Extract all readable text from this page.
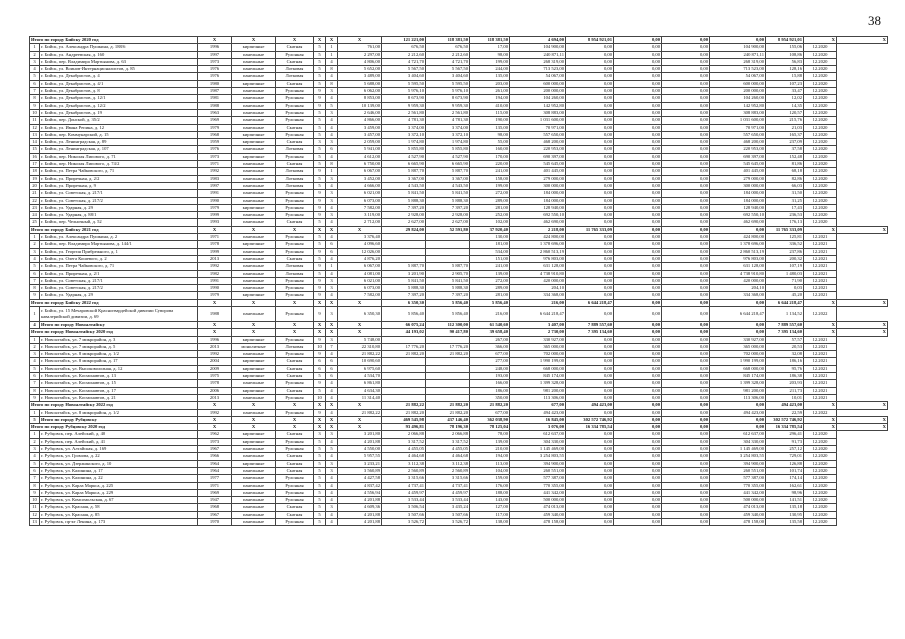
38
Итого по городу Бийску 2020 год		Х	Х	Х	Х	Х	Х	121 221,00	118 381,50	118 381,50	4 694,00	8 954 921,01	0,00	0,00	0,00	8 954 921,01	Х	Х
1	г. Бийск, ул. Александра Пушкина, д. 188/6	1996	кирпичные	Скатная	5	1	761,00	676,50	676,50	17,00	104 900,00	0,00	0,00	0,00	104 900,00	155,06	12.2020	
2	г. Бийск, ул. Андреевская, д. 160	1997	панельные	Рулонная	5	1	2 297,00	2 212,60	2 212,60	98,00	240 871,11	0,00	0,00	0,00	240 871,11	108,86	12.2020	
3	г. Бийск, пер. Владимира Мартьянова, д. 63	1973	панельные	Скатная	5	4	4 806,00	4 721,70	4 721,70	199,00	268 319,00	0,00	0,00	0,00	268 319,00	56,83	12.2020	
4	г. Бийск, ул. Воинов-Интернационалистов, д. 85	1976	панельные	Лотковая	5	8	5 652,00	5 567,50	5 567,50	244,00	713 523,00	0,00	0,00	0,00	713 523,00	128,16	12.2020	
5	г. Бийск, ул. Декабристов, д. 4	1976	панельные	Лотковая	5	4	3 489,00	3 404,60	3 404,60	135,00	54 067,00	0,00	0,00	0,00	54 067,00	15,88	12.2020	
6	г. Бийск, ул. Декабристов, д. 4/1	1980	кирпичные	Скатная	5	8	5 688,00	5 595,50	5 595,50	203,00	600 000,00	0,00	0,00	0,00	600 000,00	107,23	12.2020	
7	г. Бийск, ул. Декабристов, д. 8	1987	панельные	Рулонная	9	3	6 062,00	5 976,10	5 976,10	261,00	200 000,00	0,00	0,00	0,00	200 000,00	33,47	12.2020	
8	г. Бийск, ул. Декабристов, д. 12/1	1981	панельные	Рулонная	9	4	8 853,00	8 673,90	8 673,90	194,00	104 260,00	0,00	0,00	0,00	104 260,00	12,02	12.2020	
9	г. Бийск, ул. Декабристов, д. 12/2	1988	панельные	Рулонная	9	5	10 139,00	9 959,30	9 959,30	410,00	142 952,80	0,00	0,00	0,00	142 952,80	14,35	12.2020	
10	г. Бийск, ул. Декабристов, д. 19	1963	панельные	Рулонная	5	3	2 646,00	2 561,80	2 561,80	115,00	308 883,00	0,00	0,00	0,00	308 883,00	120,57	12.2020	
11	г. Бийск, пер. Донской, д. 35/2	1969	панельные	Рулонная	5	4	4 866,00	4 781,30	4 781,30	190,00	1 031 600,00	0,00	0,00	0,00	1 031 600,00	215,76	12.2020	
12	г. Бийск, ул. Ивана Репина, д. 12	1979	панельные	Скатная	5	4	3 459,00	3 374,00	3 374,00	135,00	70 971,00	0,00	0,00	0,00	70 971,00	21,03	12.2020	
13	г. Бийск, пер. Коммунарский, д. 15	1968	кирпичные	Рулонная	5	4	3 457,00	3 372,10	3 372,10	98,00	557 650,00	0,00	0,00	0,00	557 650,00	165,37	12.2020	
14	г. Бийск, ул. Ленинградская, д. 89	1959	кирпичные	Скатная	3	3	2 059,00	1 974,80	1 974,80	55,00	468 200,00	0,00	0,00	0,00	468 200,00	237,09	12.2020	
15	г. Бийск, ул. Ленинградская, д. 107	1976	панельные	Лотковая	5	6	5 941,00	5 855,80	5 855,80	160,00	220 953,00	0,00	0,00	0,00	220 953,00	37,58	12.2020	
16	г. Бийск, пер. Николая Липового, д. 71	1973	кирпичные	Рулонная	5	4	4 612,00	4 527,90	4 527,90	170,00	690 397,00	0,00	0,00	0,00	690 397,00	152,48	12.2020	
17	г. Бийск, пер. Николая Липового, д. 74/2	1971	панельные	Скатная	5	8	6 750,00	6 665,90	6 665,90	220,00	545 645,00	0,00	0,00	0,00	545 645,00	81,86	12.2020	
18	г. Бийск, ул. Петра Чайковского, д. 71	1992	панельные	Лотковая	9	1	6 067,00	5 887,70	5 887,70	241,00	401 445,00	0,00	0,00	0,00	401 445,00	68,18	12.2020	
19	г. Бийск, ул. Приречная, д. 2/2	1983	панельные	Лотковая	5	3	3 452,00	3 367,00	3 367,00	158,00	279 000,00	0,00	0,00	0,00	279 000,00	82,86	12.2020	
20	г. Бийск, ул. Приречная, д. 9	1997	панельные	Лотковая	5	4	4 666,00	4 543,50	4 543,50	199,00	300 000,00	0,00	0,00	0,00	300 000,00	66,03	12.2020	
21	г. Бийск, ул. Советская, д. 217/1	1991	панельные	Рулонная	9	3	6 021,00	5 841,50	5 841,50	272,00	184 000,00	0,00	0,00	0,00	184 000,00	31,50	12.2020	
22	г. Бийск, ул. Советская, д. 217/2	1990	панельные	Рулонная	9	3	6 073,00	5 888,30	5 888,30	289,00	184 000,00	0,00	0,00	0,00	184 000,00	31,25	12.2020	
23	г. Бийск, ул. Ударная, д. 29	1979	кирпичные	Рулонная	9	4	7 582,00	7 397,20	7 397,20	281,00	128 940,00	0,00	0,00	0,00	128 940,00	17,43	12.2020	
24	г. Бийск, ул. Ударная, д. 88/1	1999	панельные	Рулонная	9	3	3 119,00	2 928,00	2 928,00	252,00	692 550,10	0,00	0,00	0,00	692 550,10	236,53	12.2020	
25	г. Бийск, пер. Челночный, д. 52	1993	панельные	Скатная	5	4	2 712,00	2 627,00	2 627,00	102,00	462 690,00	0,00	0,00	0,00	462 690,00	176,13	12.2020	
Итого по городу Бийску 2021 год		Х	Х	Х	Х	Х	Х	29 824,00	52 591,80	37 920,40	2 218,00	11 765 333,09	0,00	0,00	0,00	11 765 333,09	Х	Х
1	г. Бийск, ул. Александра Пушкина, д. 2	1971	панельные	Рулонная	5	4	3 376,40			130,00	424 800,00	0,00	0,00	0,00	424 800,00	125,81	12.2021	
2	г. Бийск, пер. Владимира Мартьянова, д. 144/1	1978	кирпичные	Рулонная	5	6	4 096,60			181,00	1 378 696,00	0,00	0,00	0,00	1 378 696,00	336,52	12.2021	
3	г. Бийск, ул. Георгия Прибрежного, д. 1	1999	панельные	Рулонная	9	6	12 026,00			534,00	2 860 513,19	0,00	0,00	0,00	2 860 513,19	237,86	12.2021	
4	г. Бийск, ул. Олега Кошевого, д. 2	2013	панельные	Скатная	5	4	4 876,20			151,00	976 803,00	0,00	0,00	0,00	976 803,00	200,32	12.2021	
5	г. Бийск, ул. Петра Чайковского, д. 71	1992	панельные	Лотковая	9	1	6 067,00	5 887,70	5 887,70	241,00	631 128,00	0,00	0,00	0,00	631 128,00	107,19	12.2021	
6	г. Бийск, ул. Приречная, д. 2/1	1982	панельные	Лотковая	5	4	4 081,00	3 201,90	2 905,70	139,00	4 738 910,80	0,00	0,00	0,00	4 738 910,80	1 480,03	12.2021	
7	г. Бийск, ул. Советская, д. 217/1	1991	панельные	Рулонная	9	3	6 021,00	5 841,50	5 841,50	272,00	420 000,00	0,00	0,00	0,00	420 000,00	71,90	12.2021	
8	г. Бийск, ул. Советская, д. 217/2	1990	панельные	Рулонная	9	3	6 073,00	5 888,30	5 888,30	289,00	204,10	0,00	0,00	0,00	204,10	0,03	12.2021	
9	г. Бийск, ул. Ударная, д. 29	1979	кирпичные	Рулонная	9	4	7 582,00	7 397,20	7 397,20	281,00	334 368,00	0,00	0,00	0,00	334 368,00	45,20	12.2021	
Итого по городу Бийску 2022 год		Х	Х	Х	Х	Х	Х	6 350,30	5 856,40	5 856,40	216,00	6 644 218,47	0,00	0,00	0,00	6 644 218,47	Х	Х
1	г. Бийск, ул. 15 Мечаровской Красногвардейской дивизии Суворова кавалерийской дивизии, д. 69	1988	панельные	Рулонная	9	3	6 350,30	5 856,40	5 856,40	216,00	6 644 218,47	0,00	0,00	0,00	6 644 218,47	1 134,52	12.2022	
4	Итого по городу Новоалтайску	Х	Х	Х	Х	Х	Х	66 075,24	112 300,00	61 540,60	3 407,00	7 889 557,60	0,00	0,00	0,00	7 889 557,60	Х	Х
Итого по городу Новоалтайску 2020 год		Х	Х	Х	Х	Х	Х	44 193,02	90 417,80	39 658,40	2 730,00	7 395 134,60	0,00	0,00	0,00	7 395 134,60	Х	Х
1	г. Новоалтайск, ул. 7 микрорайон, д. 3	1996	кирпичные	Рулонная	9	3	5 748,00			267,00	330 927,00	0,00	0,00	0,00	330 927,00	57,57	12.2021	
2	г. Новоалтайск, ул. 7 микрорайон, д. 5	2013	монолитные	Лотковая	10	7	22 310,80	17 776,20	17 776,20	366,00	365 000,00	0,00	0,00	0,00	365 000,00	20,53	12.2021	
3	г. Новоалтайск, ул. 8 микрорайон, д. 1/2	1992	панельные	Рулонная	9	4	21 882,22	21 882,20	21 882,20	677,00	702 000,00	0,00	0,00	0,00	702 000,00	32,08	12.2021	
4	г. Новоалтайск, ул. 8 микрорайон, д. 17	2004	кирпичные	Скатная	6	6	10 690,60			277,00	1 990 199,00	0,00	0,00	0,00	1 990 199,00	186,16	12.2021	
5	г. Новоалтайск, ул. Высоковольтная, д. 12	2009	кирпичные	Скатная	6	6	6 975,60			248,00	668 000,00	0,00	0,00	0,00	668 000,00	95,76	12.2021	
6	г. Новоалтайск, ул. Космонавтов, д. 13	1975	кирпичные	Скатная	5	6	4 534,70			193,00	845 174,00	0,00	0,00	0,00	845 174,00	186,38	12.2021	
7	г. Новоалтайск, ул. Космонавтов, д. 15	1978	панельные	Рулонная	9	4	6 861,80			166,00	1 399 328,00	0,00	0,00	0,00	1 399 328,00	203,93	12.2021	
8	г. Новоалтайск, ул. Космонавтов, д. 17	2006	кирпичные	Скатная	5	4	4 634,30			186,00	981 200,00	0,00	0,00	0,00	981 200,00	211,73	12.2021	
9	г. Новоалтайск, ул. Космонавтов, д. 21	2013	панельные	Рулонная	10	4	11 314,40			350,00	113 306,00	0,00	0,00	0,00	113 306,00	10,01	12.2021	
Итого по городу Новоалтайску 2022 год		Х	Х	Х	Х	Х	Х	21 882,22	21 882,20	21 882,20	677,00	494 423,00	0,00	0,00	0,00	494 423,00	Х	Х
1	г. Новоалтайск, ул. 8 микрорайон, д. 1/2	1992	панельные	Рулонная	9	4	21 882,22	21 882,20	21 882,20	677,00	494 423,00	0,00	0,00	0,00	494 423,00	22,59	12.2022	
5	Итого по городу Рубцовску	Х	Х	Х	Х	Х	Х	469 545,98	437 146,40	362 038,90	16 845,00	302 572 746,92	0,00	0,00	0,00	302 572 746,92	Х	Х
Итого по городу Рубцовску 2020 год		Х	Х	Х	Х	Х	Х	93 496,81	78 196,30	78 125,04	3 076,00	16 334 785,54	0,00	0,00	0,00	16 334 785,54	Х	Х
1	г. Рубцовск, пер. Алейский, д. 40	1962	кирпичные	Скатная	3	3	3 201,80	2 066,88	2 066,88	78,00	612 637,00	0,00	0,00	0,00	612 637,00	296,41	12.2020	
2	г. Рубцовск, пер. Алейский, д. 41	1973	кирпичные	Рулонная	5	4	4 201,88	3 317,52	3 317,52	139,00	304 330,00	0,00	0,00	0,00	304 330,00	91,73	12.2020	
3	г. Рубцовск, ул. Алтайская, д. 169	1967	панельные	Рулонная	5	5	4 550,00	4 455,05	4 455,05	210,00	1 145 469,00	0,00	0,00	0,00	1 145 469,00	257,12	12.2020	
4	г. Рубцовск, ул. Громова, д. 22	1966	панельные	Скатная	5	4	5 957,55	4 464,68	4 464,68	194,00	3 254 803,55	0,00	0,00	0,00	3 254 803,55	729,01	12.2020	
5	г. Рубцовск, ул. Дзержинского, д. 10	1964	кирпичные	Скатная	5	3	3 233,21	3 112,38	3 112,38	113,00	394 900,00	0,00	0,00	0,00	394 900,00	126,88	12.2020	
6	г. Рубцовск, ул. Калинина, д. 17	1964	панельные	Скатная	5	3	3 560,89	2 560,89	2 560,89	104,00	260 551,00	0,00	0,00	0,00	260 551,00	101,74	12.2020	
7	г. Рубцовск, ул. Калинина, д. 22	1977	панельные	Рулонная	5	4	4 427,58	3 315,66	3 315,66	159,00	577 387,00	0,00	0,00	0,00	577 387,00	174,14	12.2020	
8	г. Рубцовск, ул. Карла Маркса, д. 225	1971	панельные	Рулонная	5	4	4 837,42	4 737,41	4 737,41	176,00	770 355,00	0,00	0,00	0,00	770 355,00	162,61	12.2020	
9	г. Рубцовск, ул. Карла Маркса, д. 229	1969	панельные	Рулонная	5	4	4 556,94	4 459,97	4 459,97	188,00	441 342,00	0,00	0,00	0,00	441 342,00	98,96	12.2020	
10	г. Рубцовск, ул. Комсомольская, д. 67	1947	панельные	Рулонная	5	4	4 201,88	3 533,44	3 533,44	143,00	500 000,00	0,00	0,00	0,00	500 000,00	141,51	12.2020	
11	г. Рубцовск, ул. Красная, д. 58	1968	панельные	Скатная	5	3	4 609,36	3 506,54	3 435,24	127,00	474 013,00	0,00	0,00	0,00	474 013,00	135,18	12.2020	
12	г. Рубцовск, ул. Красная, д. 85	1967	панельные	Скатная	5	4	4 201,88	3 507,66	3 507,66	117,00	459 340,00	0,00	0,00	0,00	459 340,00	130,95	12.2020	
13	г. Рубцовск, пр-кт Ленина, д. 173	1970	панельные	Рулонная	5	4	4 201,88	3 526,72	3 526,72	138,00	478 158,00	0,00	0,00	0,00	478 158,00	135,58	12.2020	
